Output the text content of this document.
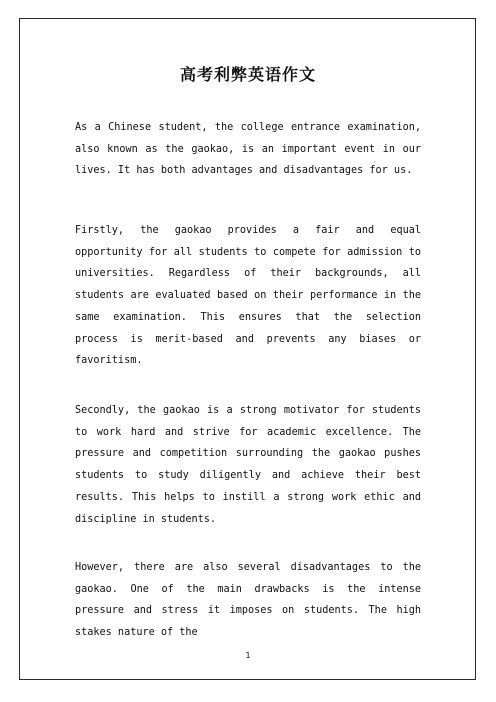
高考利弊英语作文

As a Chinese student, the college entrance examination, also known as the gaokao, is an important event in our lives. It has both advantages and disadvantages for us.

Firstly, the gaokao provides a fair and equal opportunity for all students to compete for admission to universities. Regardless of their backgrounds, all students are evaluated based on their performance in the same examination. This ensures that the selection process is merit-based and prevents any biases or favoritism.

Secondly, the gaokao is a strong motivator for students to work hard and strive for academic excellence. The pressure and competition surrounding the gaokao pushes students to study diligently and achieve their best results. This helps to instill a strong work ethic and discipline in students.

However, there are also several disadvantages to the gaokao. One of the main drawbacks is the intense pressure and stress it imposes on students. The high stakes nature of the

1
